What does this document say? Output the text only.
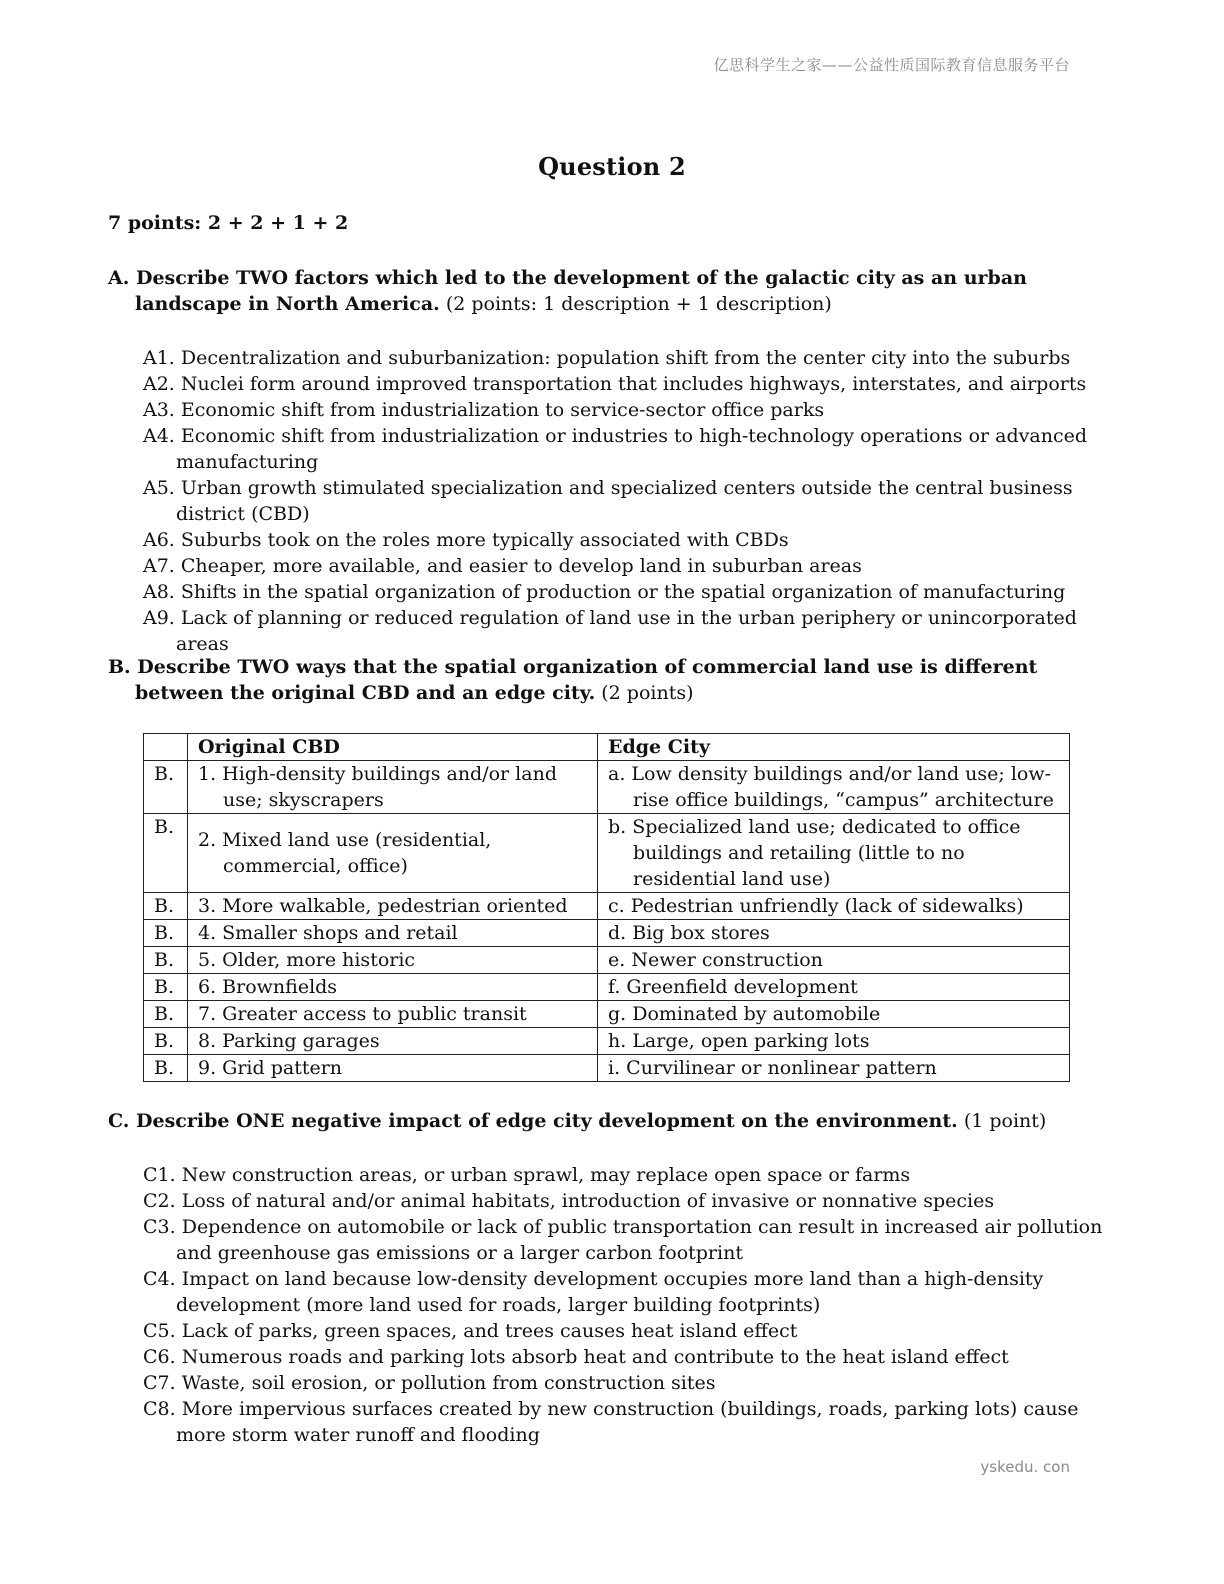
亿思科学生之家——公益性质国际教育信息服务平台
Question 2
7 points: 2 + 2 + 1 + 2
A. Describe TWO factors which led to the development of the galactic city as an urban landscape in North America. (2 points: 1 description + 1 description)
A1. Decentralization and suburbanization: population shift from the center city into the suburbs
A2. Nuclei form around improved transportation that includes highways, interstates, and airports
A3. Economic shift from industrialization to service-sector office parks
A4. Economic shift from industrialization or industries to high-technology operations or advanced manufacturing
A5. Urban growth stimulated specialization and specialized centers outside the central business district (CBD)
A6. Suburbs took on the roles more typically associated with CBDs
A7. Cheaper, more available, and easier to develop land in suburban areas
A8. Shifts in the spatial organization of production or the spatial organization of manufacturing
A9. Lack of planning or reduced regulation of land use in the urban periphery or unincorporated areas
B. Describe TWO ways that the spatial organization of commercial land use is different between the original CBD and an edge city. (2 points)
	Original CBD	Edge City
B.	1. High-density buildings and/or land use; skyscrapers	a. Low density buildings and/or land use; low-rise office buildings, “campus” architecture

B.	2. Mixed land use (residential, commercial, office)	b. Specialized land use; dedicated to office buildings and retailing (little to no residential land use)

B.	3. More walkable, pedestrian oriented	c. Pedestrian unfriendly (lack of sidewalks)
B.	4. Smaller shops and retail	d. Big box stores
B.	5. Older, more historic	e. Newer construction
B.	6. Brownfields	f. Greenfield development
B.	7. Greater access to public transit	g. Dominated by automobile
B.	8. Parking garages	h. Large, open parking lots
B.	9. Grid pattern	i. Curvilinear or nonlinear pattern
C. Describe ONE negative impact of edge city development on the environment. (1 point)
C1. New construction areas, or urban sprawl, may replace open space or farms
C2. Loss of natural and/or animal habitats, introduction of invasive or nonnative species
C3. Dependence on automobile or lack of public transportation can result in increased air pollution and greenhouse gas emissions or a larger carbon footprint
C4. Impact on land because low-density development occupies more land than a high-density development (more land used for roads, larger building footprints)
C5. Lack of parks, green spaces, and trees causes heat island effect
C6. Numerous roads and parking lots absorb heat and contribute to the heat island effect
C7. Waste, soil erosion, or pollution from construction sites
C8. More impervious surfaces created by new construction (buildings, roads, parking lots) cause more storm water runoff and flooding
yskedu. con
